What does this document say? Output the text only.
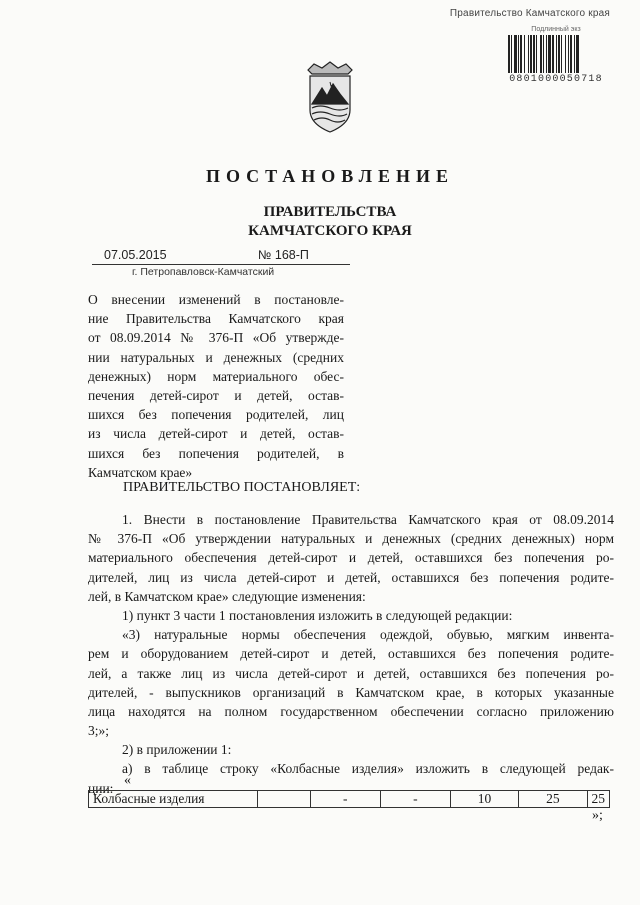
Правительство Камчатского края
Подлинный экз
0801000050718
ПОСТАНОВЛЕНИЕ
ПРАВИТЕЛЬСТВА
КАМЧАТСКОГО КРАЯ
07.05.2015	№ 168-П
г. Петропавловск-Камчатский
О внесении изменений в постановле-
ние Правительства Камчатского края
от 08.09.2014 № 376-П «Об утвержде-
нии натуральных и денежных (средних
денежных) норм материального обес-
печения детей-сирот и детей, остав-
шихся без попечения родителей, лиц
из числа детей-сирот и детей, остав-
шихся без попечения родителей, в
Камчатском крае»
ПРАВИТЕЛЬСТВО ПОСТАНОВЛЯЕТ:
1. Внести в постановление Правительства Камчатского края от 08.09.2014
№ 376-П «Об утверждении натуральных и денежных (средних денежных) норм
материального обеспечения детей-сирот и детей, оставшихся без попечения ро-
дителей, лиц из числа детей-сирот и детей, оставшихся без попечения родите-
лей, в Камчатском крае» следующие изменения:
1) пункт 3 части 1 постановления изложить в следующей редакции:
«3) натуральные нормы обеспечения одеждой, обувью, мягким инвента-
рем и оборудованием детей-сирот и детей, оставшихся без попечения родите-
лей, а также лиц из числа детей-сирот и детей, оставшихся без попечения ро-
дителей, - выпускников организаций в Камчатском крае, в которых указанные
лица находятся на полном государственном обеспечении согласно приложению
3;»;
2) в приложении 1:
а) в таблице строку «Колбасные изделия» изложить в следующей редак-
ции:
«
Колбасные изделия		-	-	10	25	25
»;
